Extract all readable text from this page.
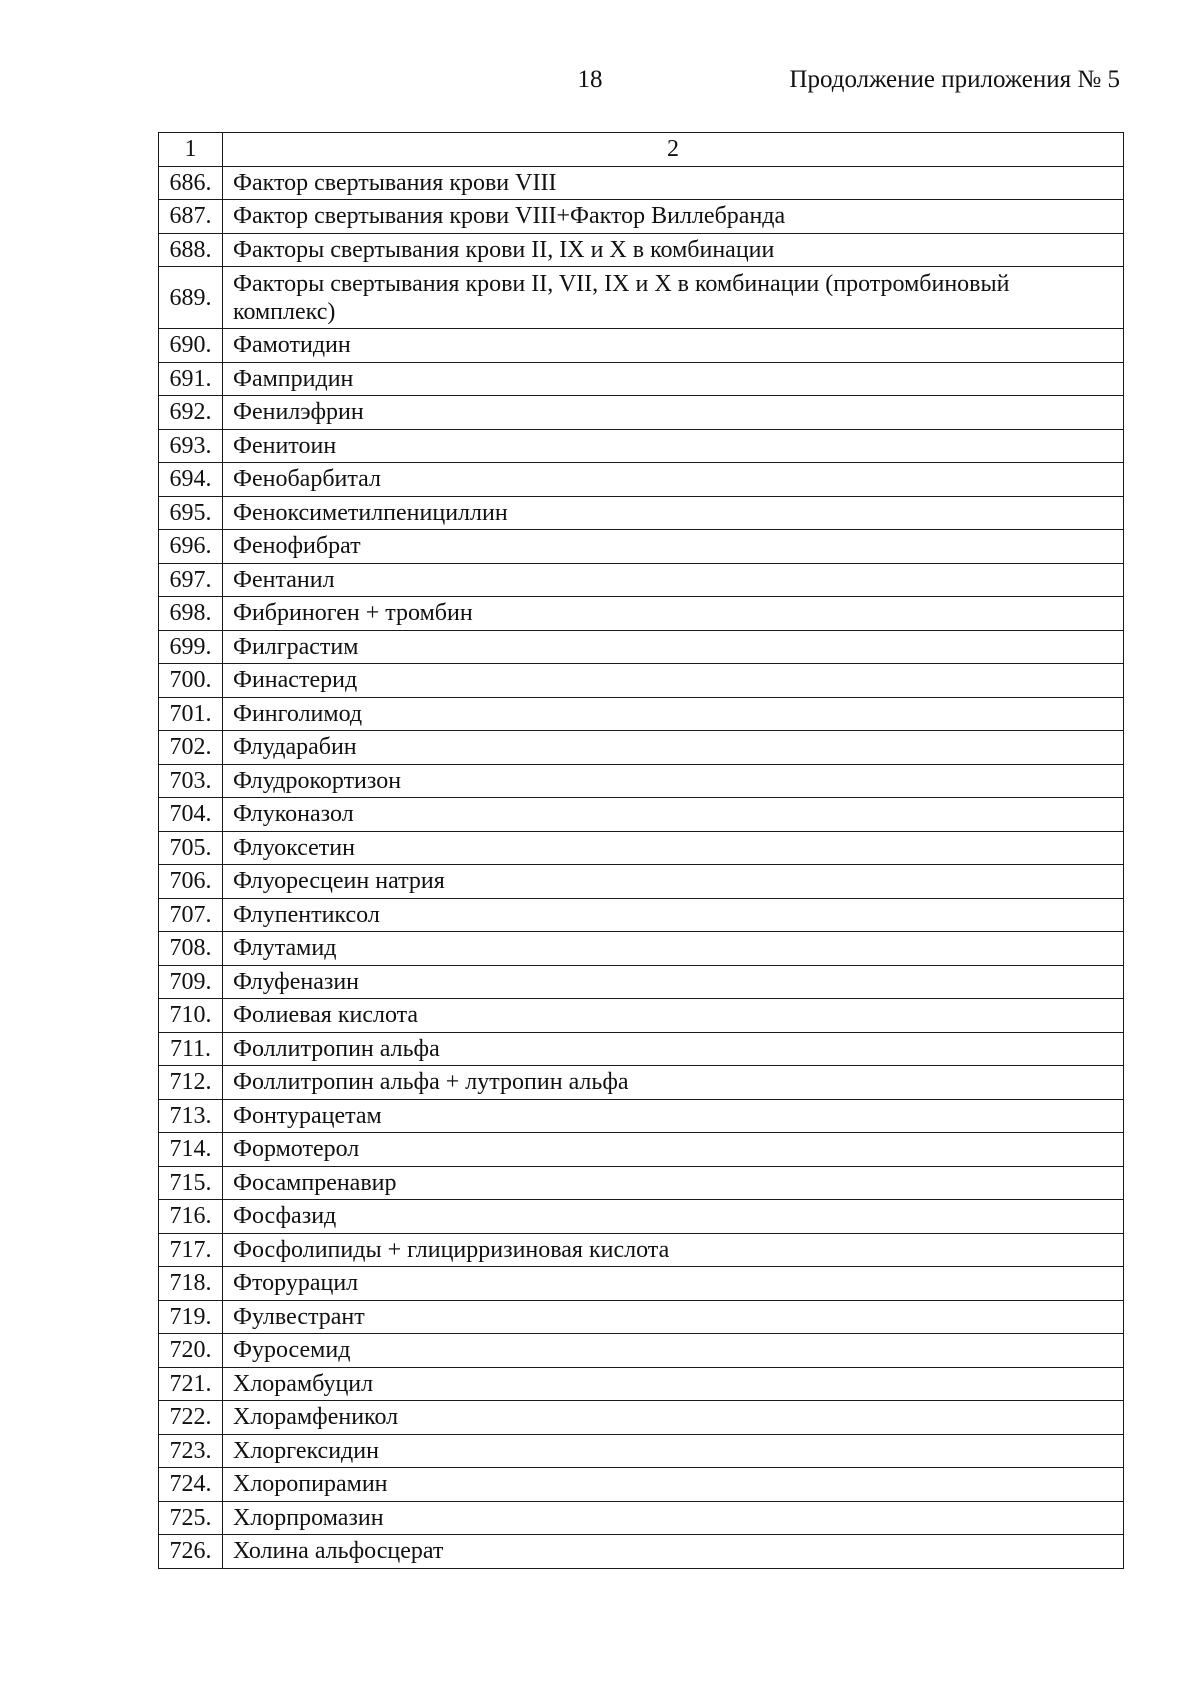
18	Продолжение приложения № 5
1	2
686.	Фактор свертывания крови VIII
687.	Фактор свертывания крови VIII+Фактор Виллебранда
688.	Факторы свертывания крови II, IX и X в комбинации
689.	Факторы свертывания крови II, VII, IX и X в комбинации (протромбиновый комплекс)
690.	Фамотидин
691.	Фампридин
692.	Фенилэфрин
693.	Фенитоин
694.	Фенобарбитал
695.	Феноксиметилпенициллин
696.	Фенофибрат
697.	Фентанил
698.	Фибриноген + тромбин
699.	Филграстим
700.	Финастерид
701.	Финголимод
702.	Флударабин
703.	Флудрокортизон
704.	Флуконазол
705.	Флуоксетин
706.	Флуоресцеин натрия
707.	Флупентиксол
708.	Флутамид
709.	Флуфеназин
710.	Фолиевая кислота
711.	Фоллитропин альфа
712.	Фоллитропин альфа + лутропин альфа
713.	Фонтурацетам
714.	Формотерол
715.	Фосампренавир
716.	Фосфазид
717.	Фосфолипиды + глицирризиновая кислота
718.	Фторурацил
719.	Фулвестрант
720.	Фуросемид
721.	Хлорамбуцил
722.	Хлорамфеникол
723.	Хлоргексидин
724.	Хлоропирамин
725.	Хлорпромазин
726.	Холина альфосцерат
